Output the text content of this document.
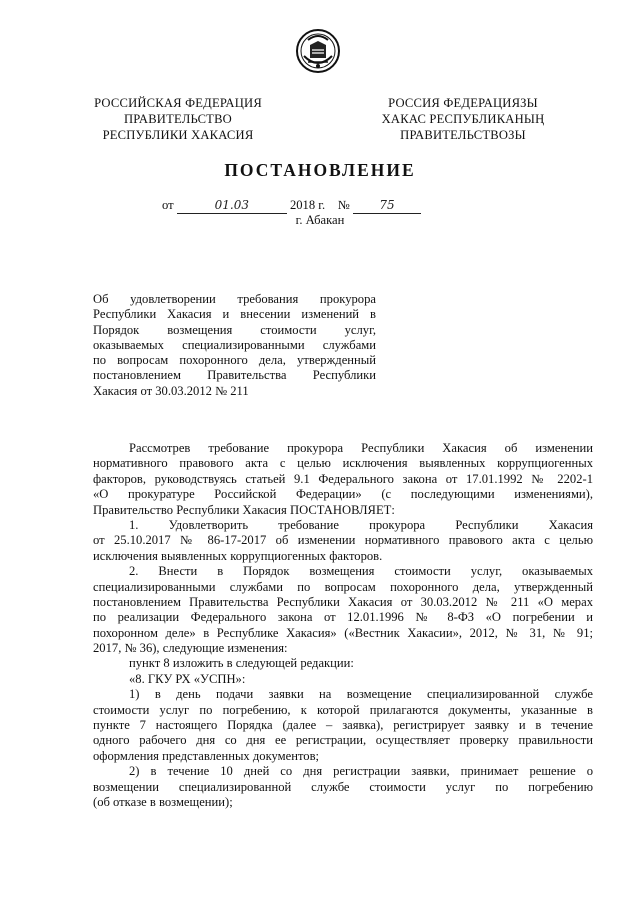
РОССИЙСКАЯ ФЕДЕРАЦИЯ
ПРАВИТЕЛЬСТВО
РЕСПУБЛИКИ ХАКАСИЯ
РОССИЯ ФЕДЕРАЦИЯЗЫ
ХАКАС РЕСПУБЛИКАНЫҢ
ПРАВИТЕЛЬСТВОЗЫ
ПОСТАНОВЛЕНИЕ
от	01.03	2018 г. № 75
г. Абакан
Об удовлетворении требования прокурора
Республики Хакасия и внесении изменений в
Порядок возмещения стоимости услуг,
оказываемых специализированными службами
по вопросам похоронного дела, утвержденный
постановлением Правительства Республики
Хакасия от 30.03.2012 № 211
Рассмотрев требование прокурора Республики Хакасия об изменении
нормативного правового акта с целью исключения выявленных коррупциогенных
факторов, руководствуясь статьей 9.1 Федерального закона от 17.01.1992 № 2202-1
«О прокуратуре Российской Федерации» (с последующими изменениями),
Правительство Республики Хакасия ПОСТАНОВЛЯЕТ:
1. Удовлетворить требование прокурора Республики Хакасия
от 25.10.2017 № 86-17-2017 об изменении нормативного правового акта с целью
исключения выявленных коррупциогенных факторов.
2. Внести в Порядок возмещения стоимости услуг, оказываемых
специализированными службами по вопросам похоронного дела, утвержденный
постановлением Правительства Республики Хакасия от 30.03.2012 № 211 «О мерах
по реализации Федерального закона от 12.01.1996 № 8-ФЗ «О погребении и
похоронном деле» в Республике Хакасия» («Вестник Хакасии», 2012, № 31, № 91;
2017, № 36), следующие изменения:
пункт 8 изложить в следующей редакции:
«8. ГКУ РХ «УСПН»:
1) в день подачи заявки на возмещение специализированной службе
стоимости услуг по погребению, к которой прилагаются документы, указанные в
пункте 7 настоящего Порядка (далее – заявка), регистрирует заявку и в течение
одного рабочего дня со дня ее регистрации, осуществляет проверку правильности
оформления представленных документов;
2) в течение 10 дней со дня регистрации заявки, принимает решение о
возмещении специализированной службе стоимости услуг по погребению
(об отказе в возмещении);
